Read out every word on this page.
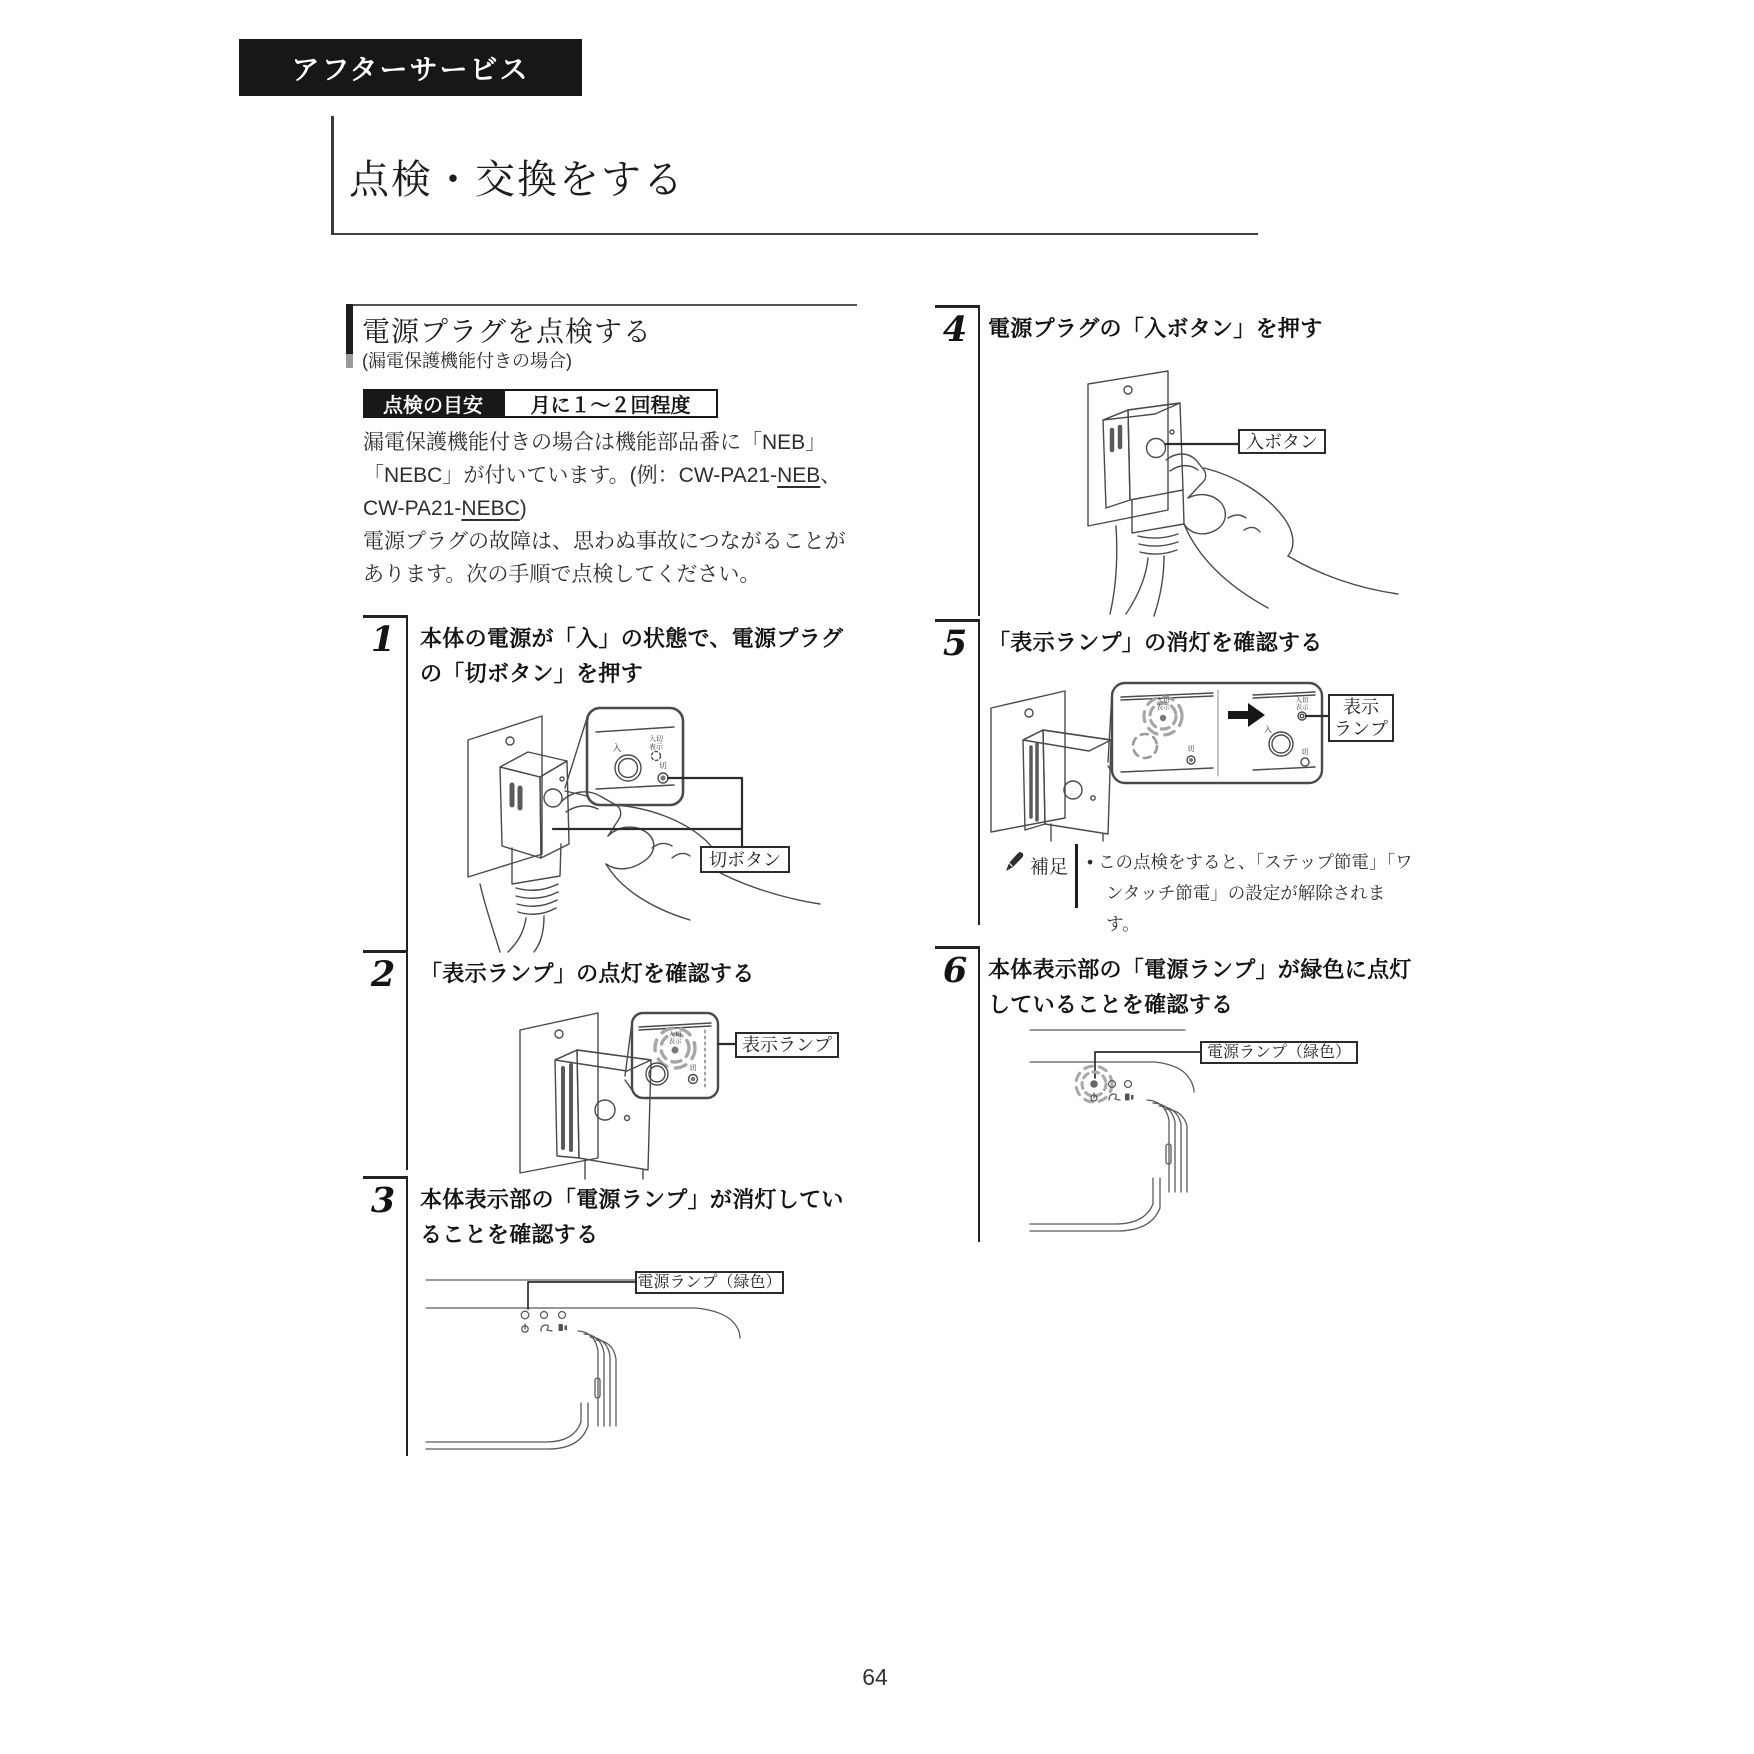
アフターサービス
点検・交換をする
電源プラグを点検する
(漏電保護機能付きの場合)
点検の目安	月に１〜２回程度
漏電保護機能付きの場合は機能部品番に「NEB」
「NEBC」が付いています。(例：CW-PA21-NEB、
CW-PA21-NEBC)
電源プラグの故障は、思わぬ事故につながることが
あります。次の手順で点検してください。
1	本体の電源が「入」の状態で、電源プラグ
の「切ボタン」を押す
入切
表示
入
切
切ボタン
2	「表示ランプ」の点灯を確認する
入切
表示
切
表示ランプ
3	本体表示部の「電源ランプ」が消灯してい
ることを確認する
電源ランプ（緑色）
4 電源プラグの「入ボタン」を押す
入ボタン
5 「表示ランプ」の消灯を確認する
入切
表示
切
入切
表示
入
切
表示
ランプ
補足 • この点検をすると、「ステップ節電」「ワ
ンタッチ節電」の設定が解除されます。
6 本体表示部の「電源ランプ」が緑色に点灯
していることを確認する
電源ランプ（緑色）
64
